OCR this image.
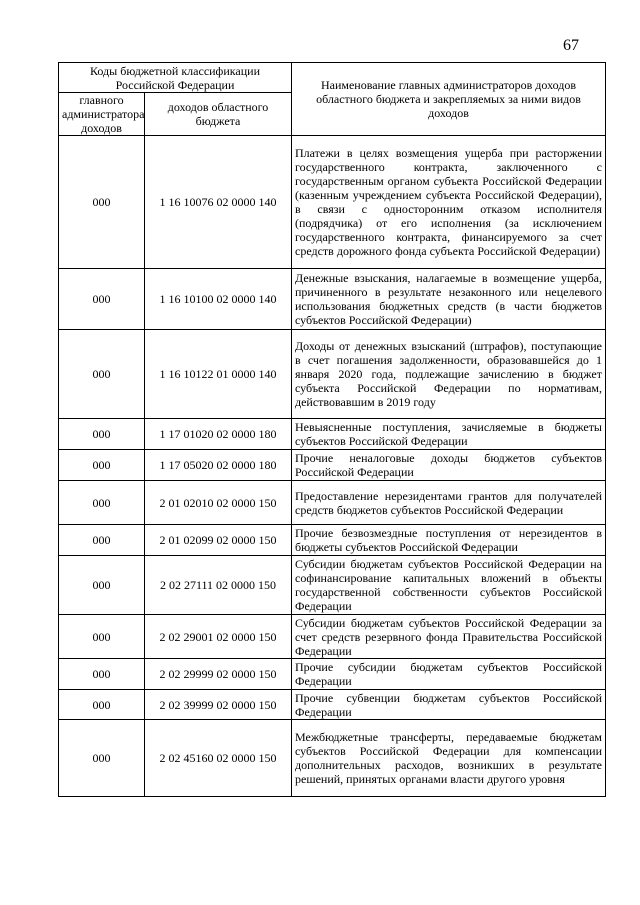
67
Коды бюджетной классификации Российской Федерации		Наименование главных администраторов доходов областного бюджета и закрепляемых за ними видов доходов
главного администратора доходов	доходов областного бюджета	
000	1 16 10076 02 0000 140	Платежи в целях возмещения ущерба при расторжении государственного контракта, заключенного с государственным органом субъекта Российской Федерации (казенным учреждением субъекта Российской Федерации), в связи с односторонним отказом исполнителя (подрядчика) от его исполнения (за исключением государственного контракта, финансируемого за счет средств дорожного фонда субъекта Российской Федерации)
000	1 16 10100 02 0000 140	Денежные взыскания, налагаемые в возмещение ущерба, причиненного в результате незаконного или нецелевого использования бюджетных средств (в части бюджетов субъектов Российской Федерации)
000	1 16 10122 01 0000 140	Доходы от денежных взысканий (штрафов), поступающие в счет погашения задолженности, образовавшейся до 1 января 2020 года, подлежащие зачислению в бюджет субъекта Российской Федерации по нормативам, действовавшим в 2019 году
000	1 17 01020 02 0000 180	Невыясненные поступления, зачисляемые в бюджеты субъектов Российской Федерации
000	1 17 05020 02 0000 180	Прочие неналоговые доходы бюджетов субъектов Российской Федерации
000	2 01 02010 02 0000 150	Предоставление нерезидентами грантов для получателей средств бюджетов субъектов Российской Федерации
000	2 01 02099 02 0000 150	Прочие безвозмездные поступления от нерезидентов в бюджеты субъектов Российской Федерации
000	2 02 27111 02 0000 150	Субсидии бюджетам субъектов Российской Федерации на софинансирование капитальных вложений в объекты государственной собственности субъектов Российской Федерации
000	2 02 29001 02 0000 150	Субсидии бюджетам субъектов Российской Федерации за счет средств резервного фонда Правительства Российской Федерации
000	2 02 29999 02 0000 150	Прочие субсидии бюджетам субъектов Российской Федерации
000	2 02 39999 02 0000 150	Прочие субвенции бюджетам субъектов Российской Федерации
000	2 02 45160 02 0000 150	Межбюджетные трансферты, передаваемые бюджетам субъектов Российской Федерации для компенсации дополнительных расходов, возникших в результате решений, принятых органами власти другого уровня
